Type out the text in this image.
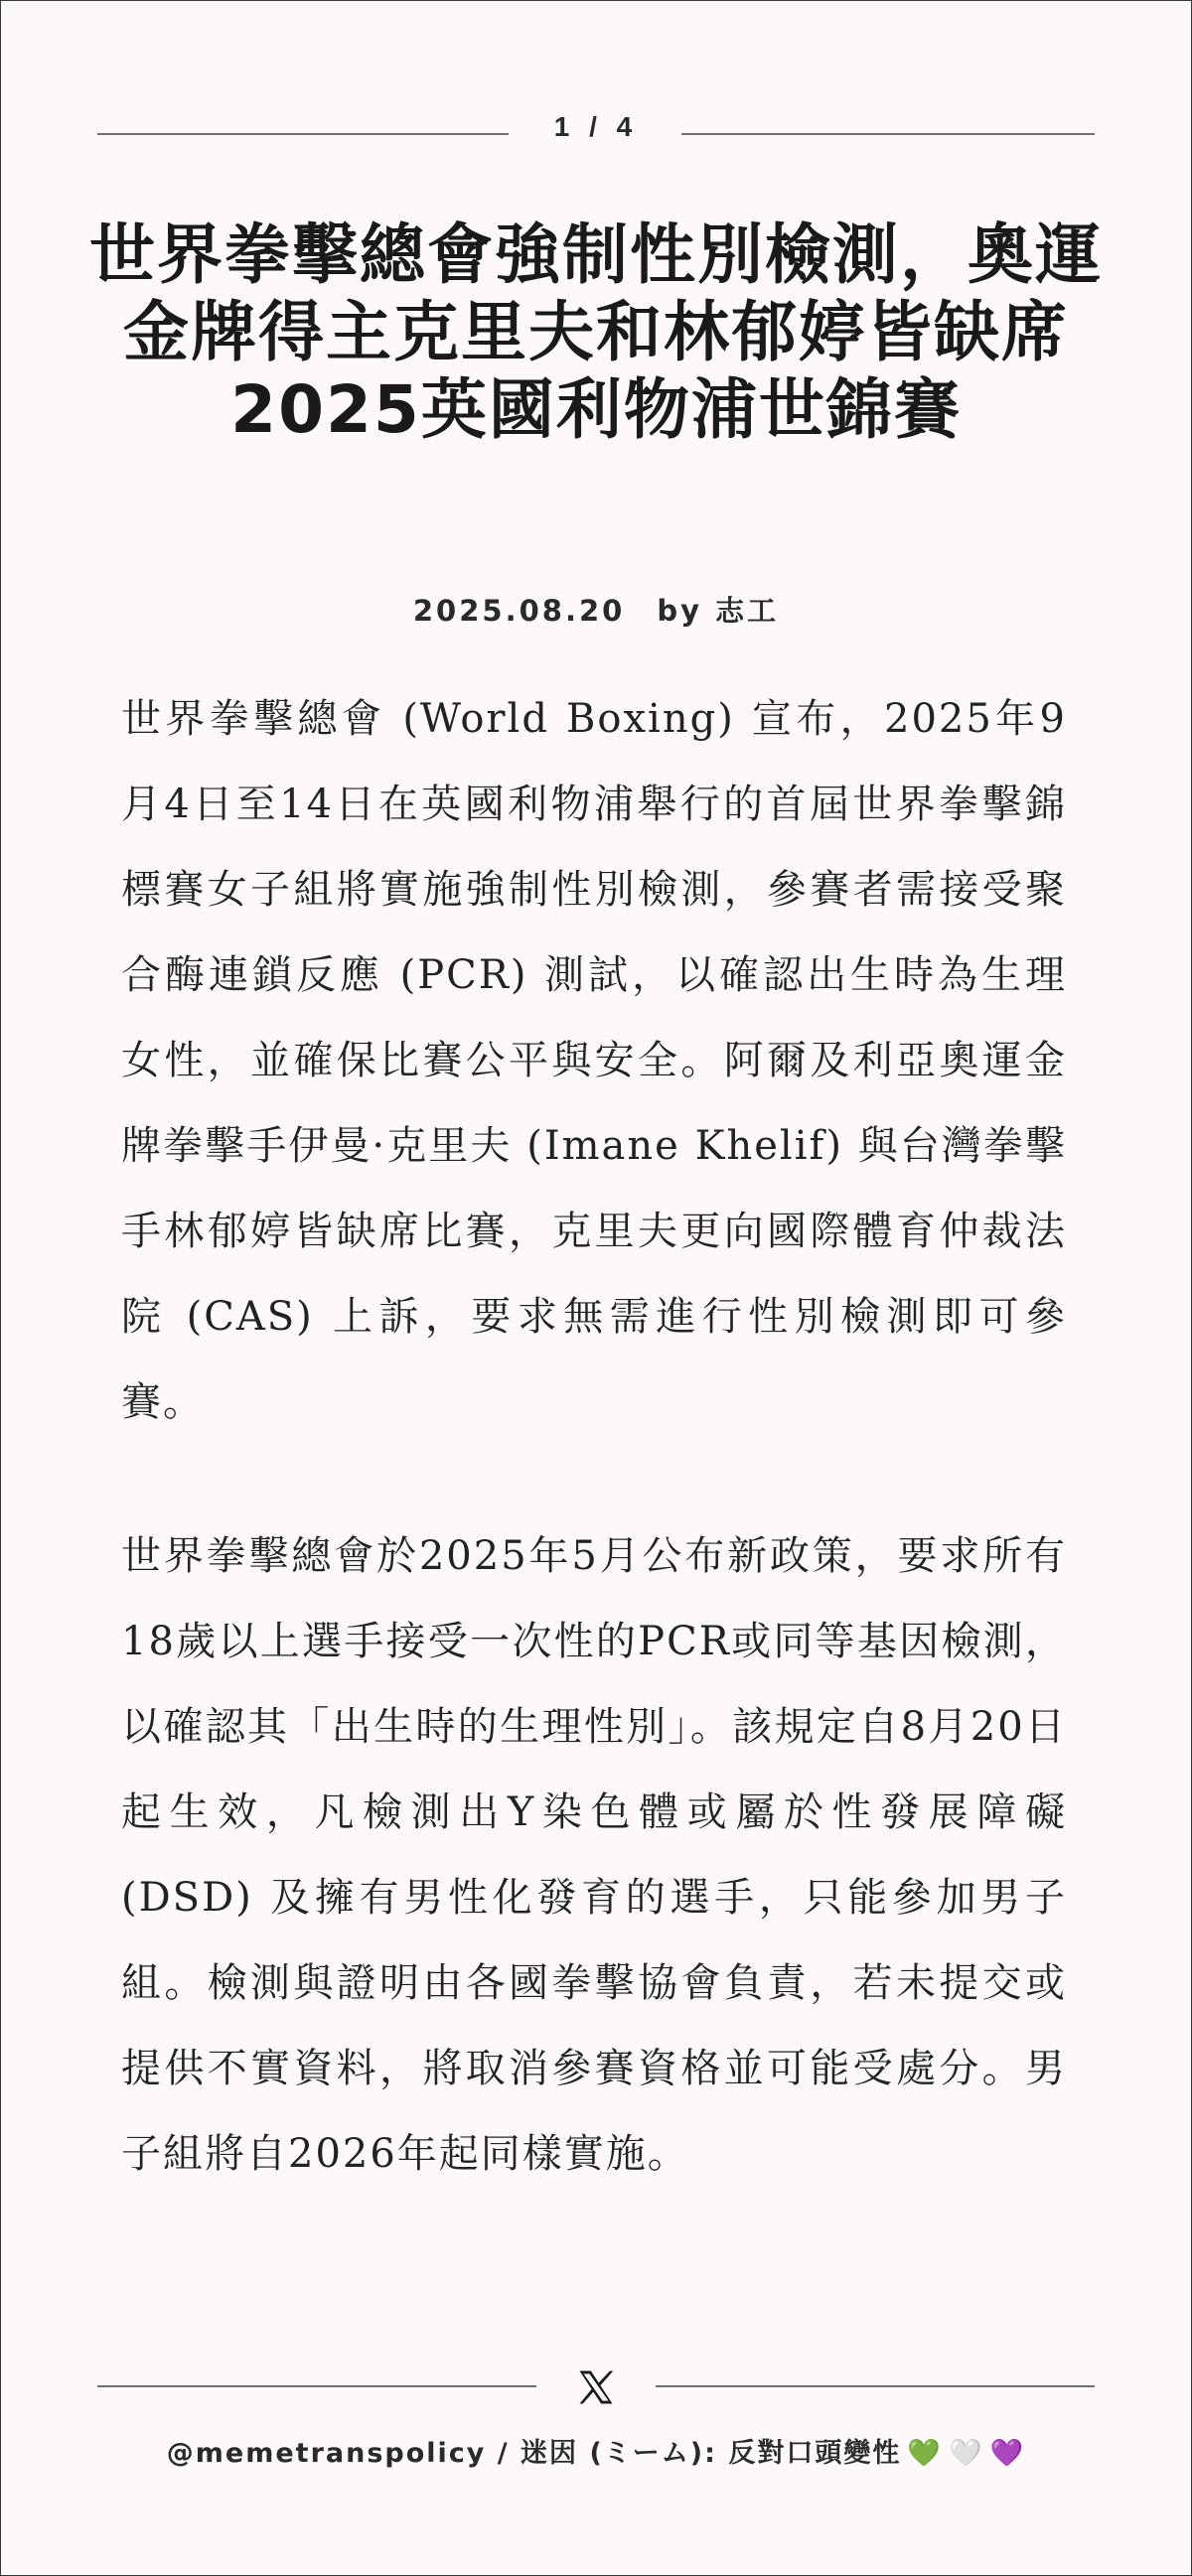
1 / 4
世界拳擊總會強制性別檢測，奧運金牌得主克里夫和林郁婷皆缺席2025英國利物浦世錦賽
2025.08.20 by 志工

世界拳擊總會 (World Boxing) 宣布，2025年9月4日至14日在英國利物浦舉行的首屆世界拳擊錦標賽女子組將實施強制性別檢測，參賽者需接受聚合酶連鎖反應 (PCR) 測試，以確認出生時為生理女性，並確保比賽公平與安全。阿爾及利亞奧運金牌拳擊手伊曼·克里夫 (Imane Khelif) 與台灣拳擊手林郁婷皆缺席比賽，克里夫更向國際體育仲裁法院 (CAS) 上訴，要求無需進行性別檢測即可參賽。

世界拳擊總會於2025年5月公布新政策，要求所有18歲以上選手接受一次性的PCR或同等基因檢測，以確認其「出生時的生理性別」。該規定自8月20日起生效，凡檢測出Y染色體或屬於性發展障礙 (DSD) 及擁有男性化發育的選手，只能參加男子組。檢測與證明由各國拳擊協會負責，若未提交或提供不實資料，將取消參賽資格並可能受處分。男子組將自2026年起同樣實施。

@memetranspolicy / 迷因 (ミーム): 反對口頭變性 💚 🤍 💜
